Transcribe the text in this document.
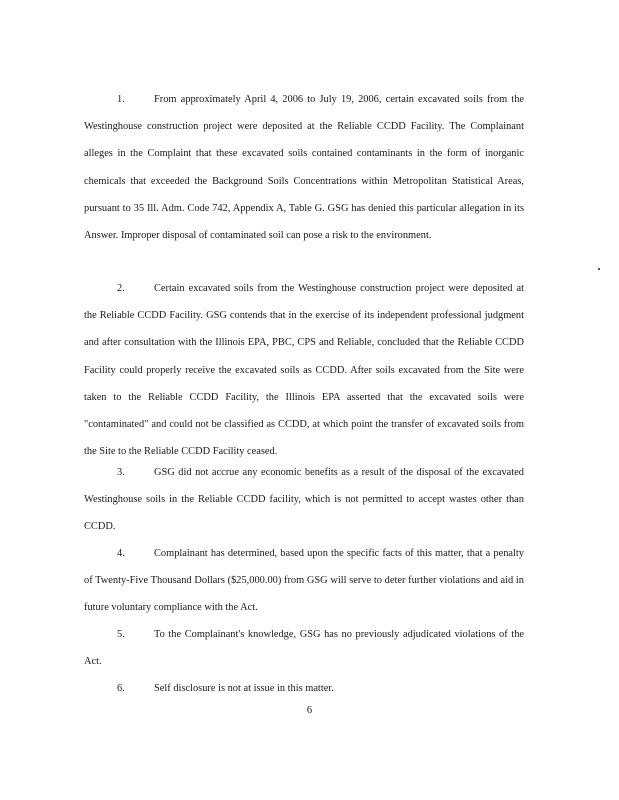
1.	From approximately April 4, 2006 to July 19, 2006, certain excavated soils from the Westinghouse construction project were deposited at the Reliable CCDD Facility. The Complainant alleges in the Complaint that these excavated soils contained contaminants in the form of inorganic chemicals that exceeded the Background Soils Concentrations within Metropolitan Statistical Areas, pursuant to 35 Ill. Adm. Code 742, Appendix A, Table G. GSG has denied this particular allegation in its Answer. Improper disposal of contaminated soil can pose a risk to the environment.

2.	Certain excavated soils from the Westinghouse construction project were deposited at the Reliable CCDD Facility. GSG contends that in the exercise of its independent professional judgment and after consultation with the Illinois EPA, PBC, CPS and Reliable, concluded that the Reliable CCDD Facility could properly receive the excavated soils as CCDD. After soils excavated from the Site were taken to the Reliable CCDD Facility, the Illinois EPA asserted that the excavated soils were "contaminated" and could not be classified as CCDD, at which point the transfer of excavated soils from the Site to the Reliable CCDD Facility ceased.

3.	GSG did not accrue any economic benefits as a result of the disposal of the excavated Westinghouse soils in the Reliable CCDD facility, which is not permitted to accept wastes other than CCDD.

4.	Complainant has determined, based upon the specific facts of this matter, that a penalty of Twenty-Five Thousand Dollars ($25,000.00) from GSG will serve to deter further violations and aid in future voluntary compliance with the Act.

5.	To the Complainant's knowledge, GSG has no previously adjudicated violations of the Act.

6.	Self disclosure is not at issue in this matter.

6
